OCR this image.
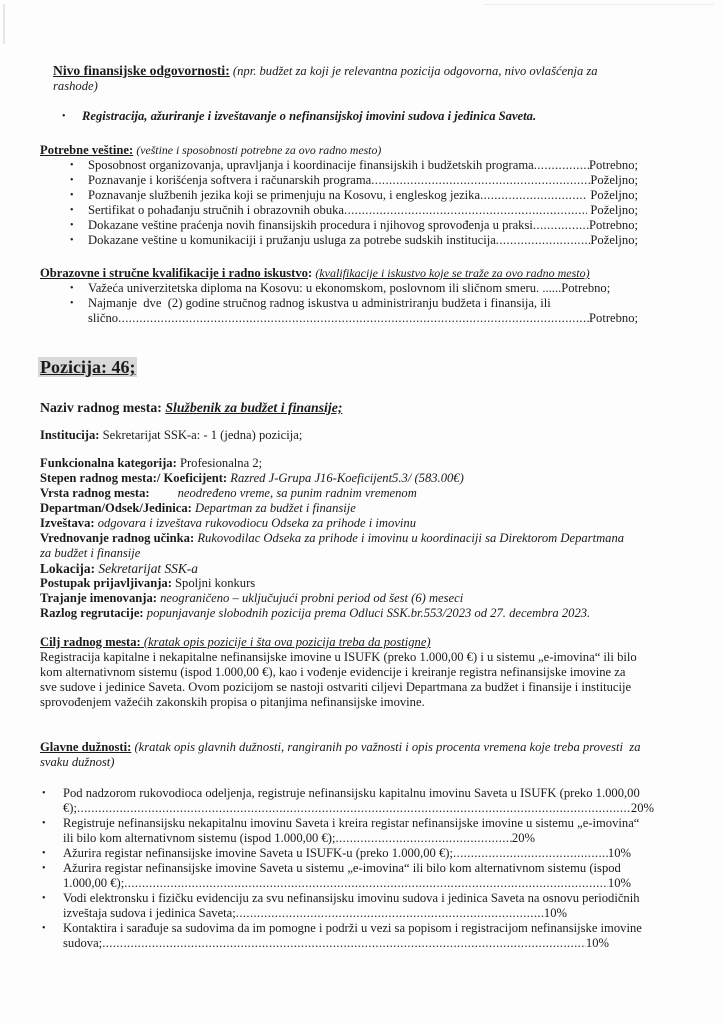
Nivo finansijske odgovornosti: (npr. budžet za koji je relevantna pozicija odgovorna, nivo ovlašćenja za
rashode)
• Registracija, ažuriranje i izveštavanje o nefinansijskoj imovini sudova i jedinica Saveta.
Potrebne veštine: (veštine i sposobnosti potrebne za ovo radno mesto)
• Sposobnost organizovanja, upravljanja i koordinacije finansijskih i budžetskih programa .....	Potrebno;
• Poznavanje i korišćenja softvera i računarskih programa .....	Poželjno;
• Poznavanje službenih jezika koji se primenjuju na Kosovu, i engleskog jezika .....	Poželjno;
• Sertifikat o pohađanju stručnih i obrazovnih obuka .....	Poželjno;
• Dokazane veštine praćenja novih finansijskih procedura i njihovog sprovođenja u praksi .....	Potrebno;
• Dokazane veštine u komunikaciji i pružanju usluga za potrebe sudskih institucija .....	Poželjno;
Obrazovne i stručne kvalifikacije i radno iskustvo: (kvalifikacije i iskustvo koje se traže za ovo radno mesto)
• Važeća univerzitetska diploma na Kosovu: u ekonomskom, poslovnom ili sličnom smeru. ......Potrebno;
• Najmanje  dve  (2) godine stručnog radnog iskustva u administriranju budžeta i finansija, ili
slično .....	Potrebno;
Pozicija: 46;
Naziv radnog mesta: Službenik za budžet i finansije;
Institucija: Sekretarijat SSK-a: - 1 (jedna) pozicija;
Funkcionalna kategorija: Profesionalna 2;
Stepen radnog mesta:/ Koeficijent: Razred J-Grupa J16-Koeficijent5.3/ (583.00€)
Vrsta radnog mesta: neodređeno vreme, sa punim radnim vremenom
Departman/Odsek/Jedinica: Departman za budžet i finansije
Izveštava: odgovara i izveštava rukovodiocu Odseka za prihode i imovinu
Vrednovanje radnog učinka: Rukovodilac Odseka za prihode i imovinu u koordinaciji sa Direktorom Departmana
za budžet i finansije
Lokacija: Sekretarijat SSK-a
Postupak prijavljivanja: Spoljni konkurs
Trajanje imenovanja: neograničeno – uključujući probni period od šest (6) meseci
Razlog regrutacije: popunjavanje slobodnih pozicija prema Odluci SSK.br.553/2023 od 27. decembra 2023.
Cilj radnog mesta: (kratak opis pozicije i šta ova pozicija treba da postigne)
Registracija kapitalne i nekapitalne nefinansijske imovine u ISUFK (preko 1.000,00 €) i u sistemu „e-imovina“ ili bilo
kom alternativnom sistemu (ispod 1.000,00 €), kao i vođenje evidencije i kreiranje registra nefinansijske imovine za
sve sudove i jedinice Saveta. Ovom pozicijom se nastoji ostvariti ciljevi Departmana za budžet i finansije i institucije
sprovođenjem važećih zakonskih propisa o pitanjima nefinansijske imovine.
Glavne dužnosti: (kratak opis glavnih dužnosti, rangiranih po važnosti i opis procenta vremena koje treba provesti  za
svaku dužnost)
• Pod nadzorom rukovodioca odeljenja, registruje nefinansijsku kapitalnu imovinu Saveta u ISUFK (preko 1.000,00
€); .....	20%
• Registruje nefinansijsku nekapitalnu imovinu Saveta i kreira registar nefinansijske imovine u sistemu „e-imovina“
ili bilo kom alternativnom sistemu (ispod 1.000,00 €); .....	20%
• Ažurira registar nefinansijske imovine Saveta u ISUFK-u (preko 1.000,00 €); .....	10%
• Ažurira registar nefinansijske imovine Saveta u sistemu „e-imovina“ ili bilo kom alternativnom sistemu (ispod
1.000,00 €); .....	10%
• Vodi elektronsku i fizičku evidenciju za svu nefinansijsku imovinu sudova i jedinica Saveta na osnovu periodičnih
izveštaja sudova i jedinica Saveta; .....	10%
• Kontaktira i sarađuje sa sudovima da im pomogne i podrži u vezi sa popisom i registracijom nefinansijske imovine
sudova; .....	10%
